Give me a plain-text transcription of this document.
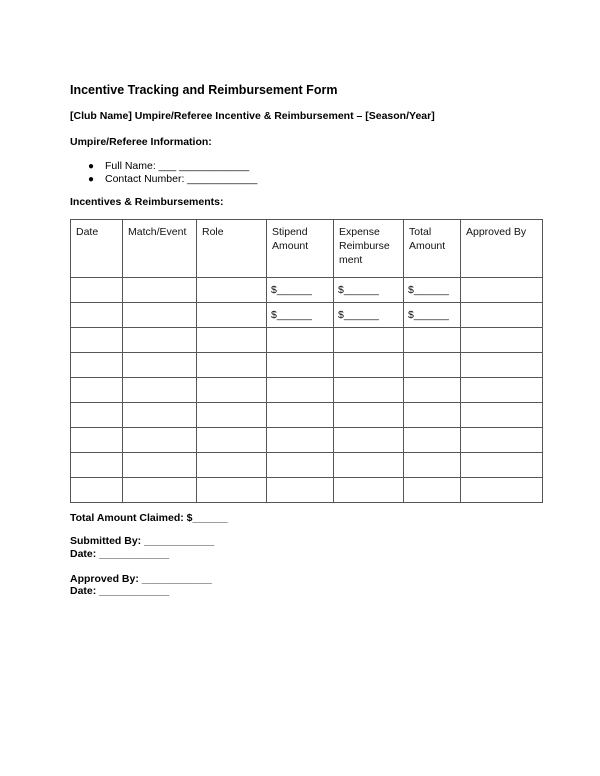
Incentive Tracking and Reimbursement Form
[Club Name] Umpire/Referee Incentive & Reimbursement – [Season/Year]
Umpire/Referee Information:
● Full Name: ___ ____________
● Contact Number: ____________
Incentives & Reimbursements:
Date	Match/Event	Role	Stipend Amount	Expense Reimburse ment	Total Amount	Approved By
			$______	$______	$______	
			$______	$______	$______	

Total Amount Claimed: $______
Submitted By: ____________
Date: ____________
Approved By: ____________
Date: ____________
